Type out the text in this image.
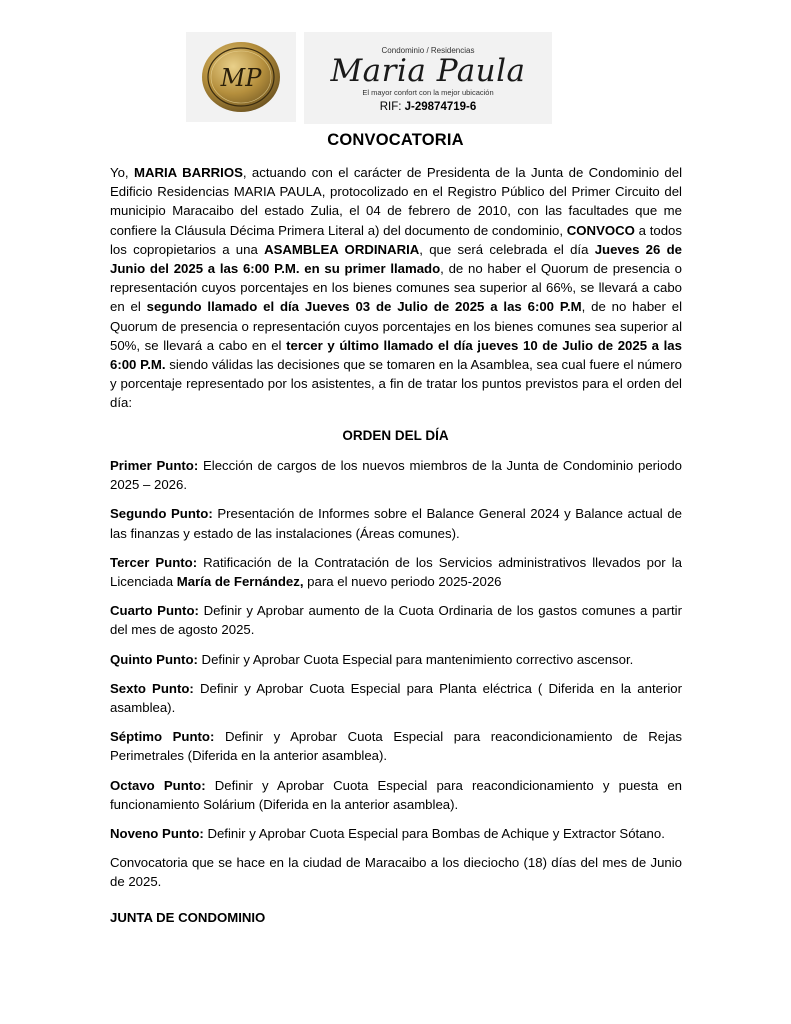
MP
Condominio / Residencias
Maria Paula
El mayor confort con la mejor ubicación
RIF: J-29874719-6
CONVOCATORIA
Yo, MARIA BARRIOS, actuando con el carácter de Presidenta de la Junta de Condominio del Edificio Residencias MARIA PAULA, protocolizado en el Registro Público del Primer Circuito del municipio Maracaibo del estado Zulia, el 04 de febrero de 2010, con las facultades que me confiere la Cláusula Décima Primera Literal a) del documento de condominio, CONVOCO a todos los copropietarios a una ASAMBLEA ORDINARIA, que será celebrada el día Jueves 26 de Junio del 2025 a las 6:00 P.M. en su primer llamado, de no haber el Quorum de presencia o representación cuyos porcentajes en los bienes comunes sea superior al 66%, se llevará a cabo en el segundo llamado el día Jueves 03 de Julio de 2025 a las 6:00 P.M, de no haber el Quorum de presencia o representación cuyos porcentajes en los bienes comunes sea superior al 50%, se llevará a cabo en el tercer y último llamado el día jueves 10 de Julio de 2025 a las 6:00 P.M. siendo válidas las decisiones que se tomaren en la Asamblea, sea cual fuere el número y porcentaje representado por los asistentes, a fin de tratar los puntos previstos para el orden del día:
ORDEN DEL DÍA

Primer Punto: Elección de cargos de los nuevos miembros de la Junta de Condominio periodo 2025 – 2026.

Segundo Punto: Presentación de Informes sobre el Balance General 2024 y Balance actual de las finanzas y estado de las instalaciones (Áreas comunes).

Tercer Punto: Ratificación de la Contratación de los Servicios administrativos llevados por la Licenciada María de Fernández, para el nuevo periodo 2025-2026

Cuarto Punto: Definir y Aprobar aumento de la Cuota Ordinaria de los gastos comunes a partir del mes de agosto 2025.

Quinto Punto: Definir y Aprobar Cuota Especial para mantenimiento correctivo ascensor.

Sexto Punto: Definir y Aprobar Cuota Especial para Planta eléctrica ( Diferida en la anterior asamblea).

Séptimo Punto: Definir y Aprobar Cuota Especial para reacondicionamiento de Rejas Perimetrales (Diferida en la anterior asamblea).

Octavo Punto: Definir y Aprobar Cuota Especial para reacondicionamiento y puesta en funcionamiento Solárium (Diferida en la anterior asamblea).

Noveno Punto: Definir y Aprobar Cuota Especial para Bombas de Achique y Extractor Sótano.

Convocatoria que se hace en la ciudad de Maracaibo a los dieciocho (18) días del mes de Junio de 2025.

JUNTA DE CONDOMINIO
